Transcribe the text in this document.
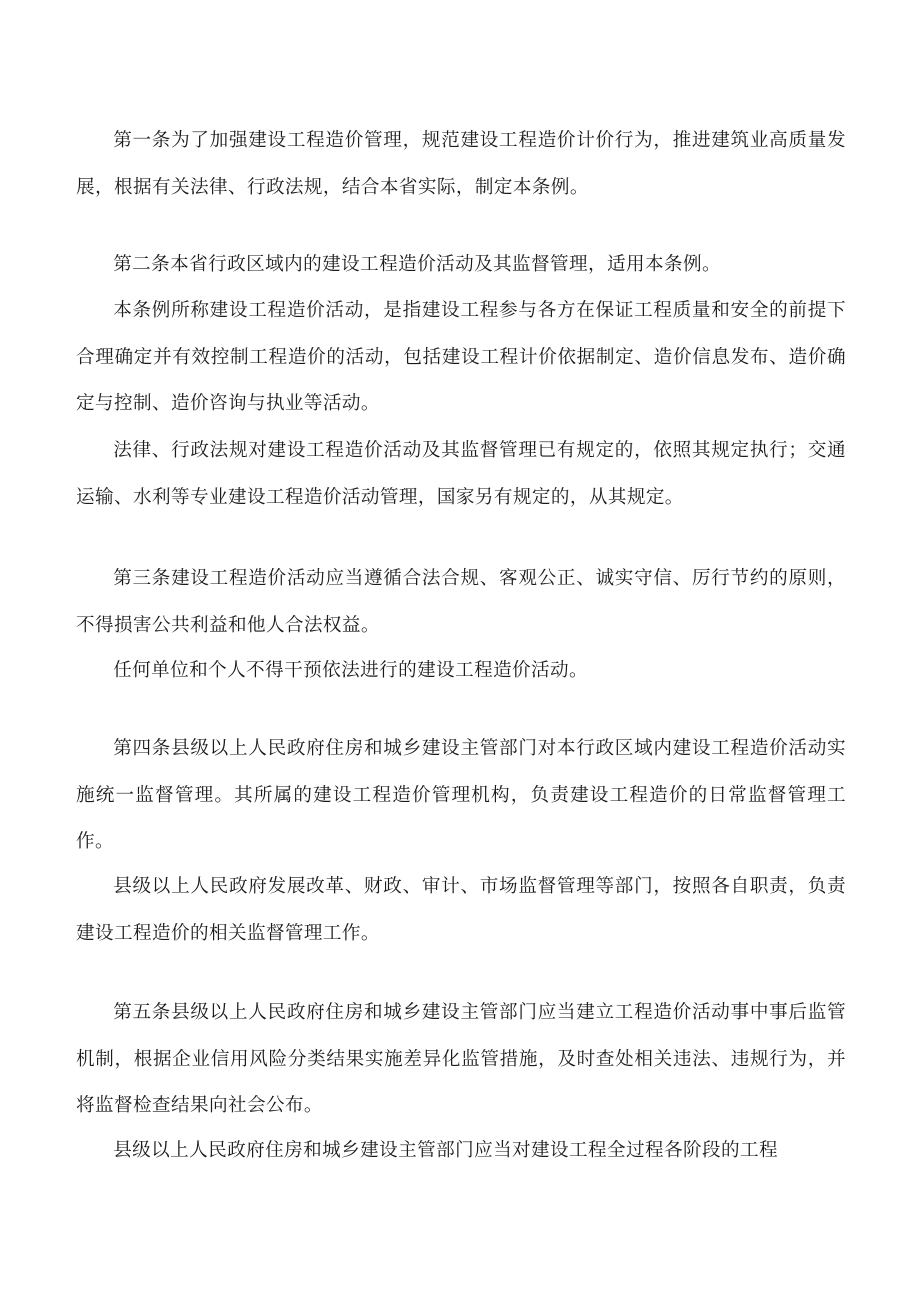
第一条为了加强建设工程造价管理，规范建设工程造价计价行为，推进建筑业高质量发展，根据有关法律、行政法规，结合本省实际，制定本条例。

第二条本省行政区域内的建设工程造价活动及其监督管理，适用本条例。

本条例所称建设工程造价活动，是指建设工程参与各方在保证工程质量和安全的前提下合理确定并有效控制工程造价的活动，包括建设工程计价依据制定、造价信息发布、造价确定与控制、造价咨询与执业等活动。

法律、行政法规对建设工程造价活动及其监督管理已有规定的，依照其规定执行；交通运输、水利等专业建设工程造价活动管理，国家另有规定的，从其规定。

第三条建设工程造价活动应当遵循合法合规、客观公正、诚实守信、厉行节约的原则，不得损害公共利益和他人合法权益。

任何单位和个人不得干预依法进行的建设工程造价活动。

第四条县级以上人民政府住房和城乡建设主管部门对本行政区域内建设工程造价活动实施统一监督管理。其所属的建设工程造价管理机构，负责建设工程造价的日常监督管理工作。

县级以上人民政府发展改革、财政、审计、市场监督管理等部门，按照各自职责，负责建设工程造价的相关监督管理工作。

第五条县级以上人民政府住房和城乡建设主管部门应当建立工程造价活动事中事后监管机制，根据企业信用风险分类结果实施差异化监管措施，及时查处相关违法、违规行为，并将监督检查结果向社会公布。

县级以上人民政府住房和城乡建设主管部门应当对建设工程全过程各阶段的工程
